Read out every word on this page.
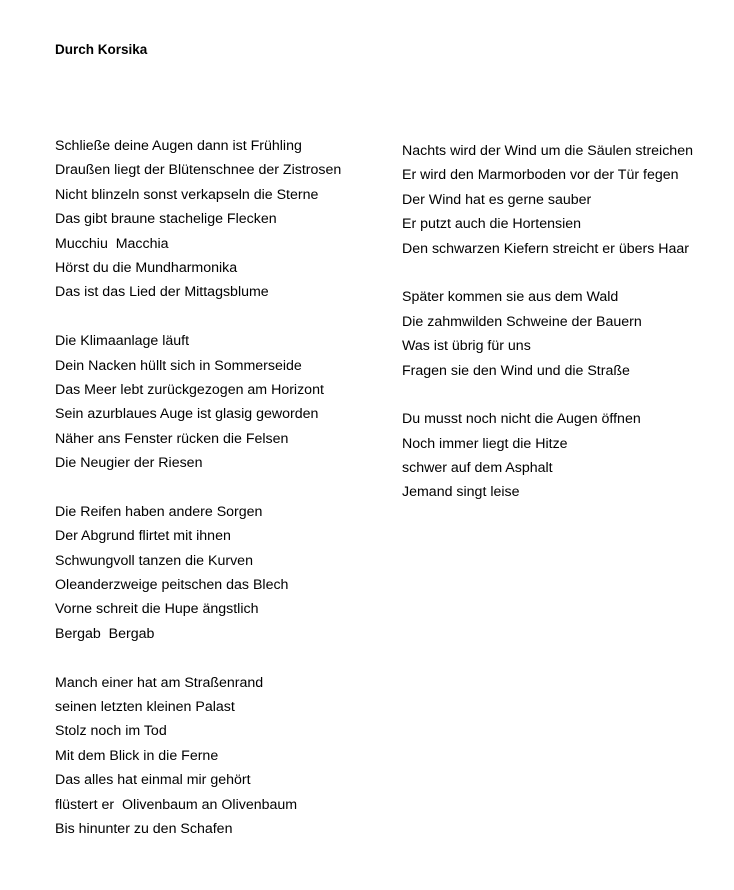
Durch Korsika
Schließe deine Augen dann ist Frühling
Draußen liegt der Blütenschnee der Zistrosen
Nicht blinzeln sonst verkapseln die Sterne
Das gibt braune stachelige Flecken
Mucchiu  Macchia
Hörst du die Mundharmonika
Das ist das Lied der Mittagsblume
Die Klimaanlage läuft
Dein Nacken hüllt sich in Sommerseide
Das Meer lebt zurückgezogen am Horizont
Sein azurblaues Auge ist glasig geworden
Näher ans Fenster rücken die Felsen
Die Neugier der Riesen
Die Reifen haben andere Sorgen
Der Abgrund flirtet mit ihnen
Schwungvoll tanzen die Kurven
Oleanderzweige peitschen das Blech
Vorne schreit die Hupe ängstlich
Bergab  Bergab
Manch einer hat am Straßenrand
seinen letzten kleinen Palast
Stolz noch im Tod
Mit dem Blick in die Ferne
Das alles hat einmal mir gehört
flüstert er  Olivenbaum an Olivenbaum
Bis hinunter zu den Schafen
Nachts wird der Wind um die Säulen streichen
Er wird den Marmorboden vor der Tür fegen
Der Wind hat es gerne sauber
Er putzt auch die Hortensien
Den schwarzen Kiefern streicht er übers Haar
Später kommen sie aus dem Wald
Die zahmwilden Schweine der Bauern
Was ist übrig für uns
Fragen sie den Wind und die Straße
Du musst noch nicht die Augen öffnen
Noch immer liegt die Hitze
schwer auf dem Asphalt
Jemand singt leise
